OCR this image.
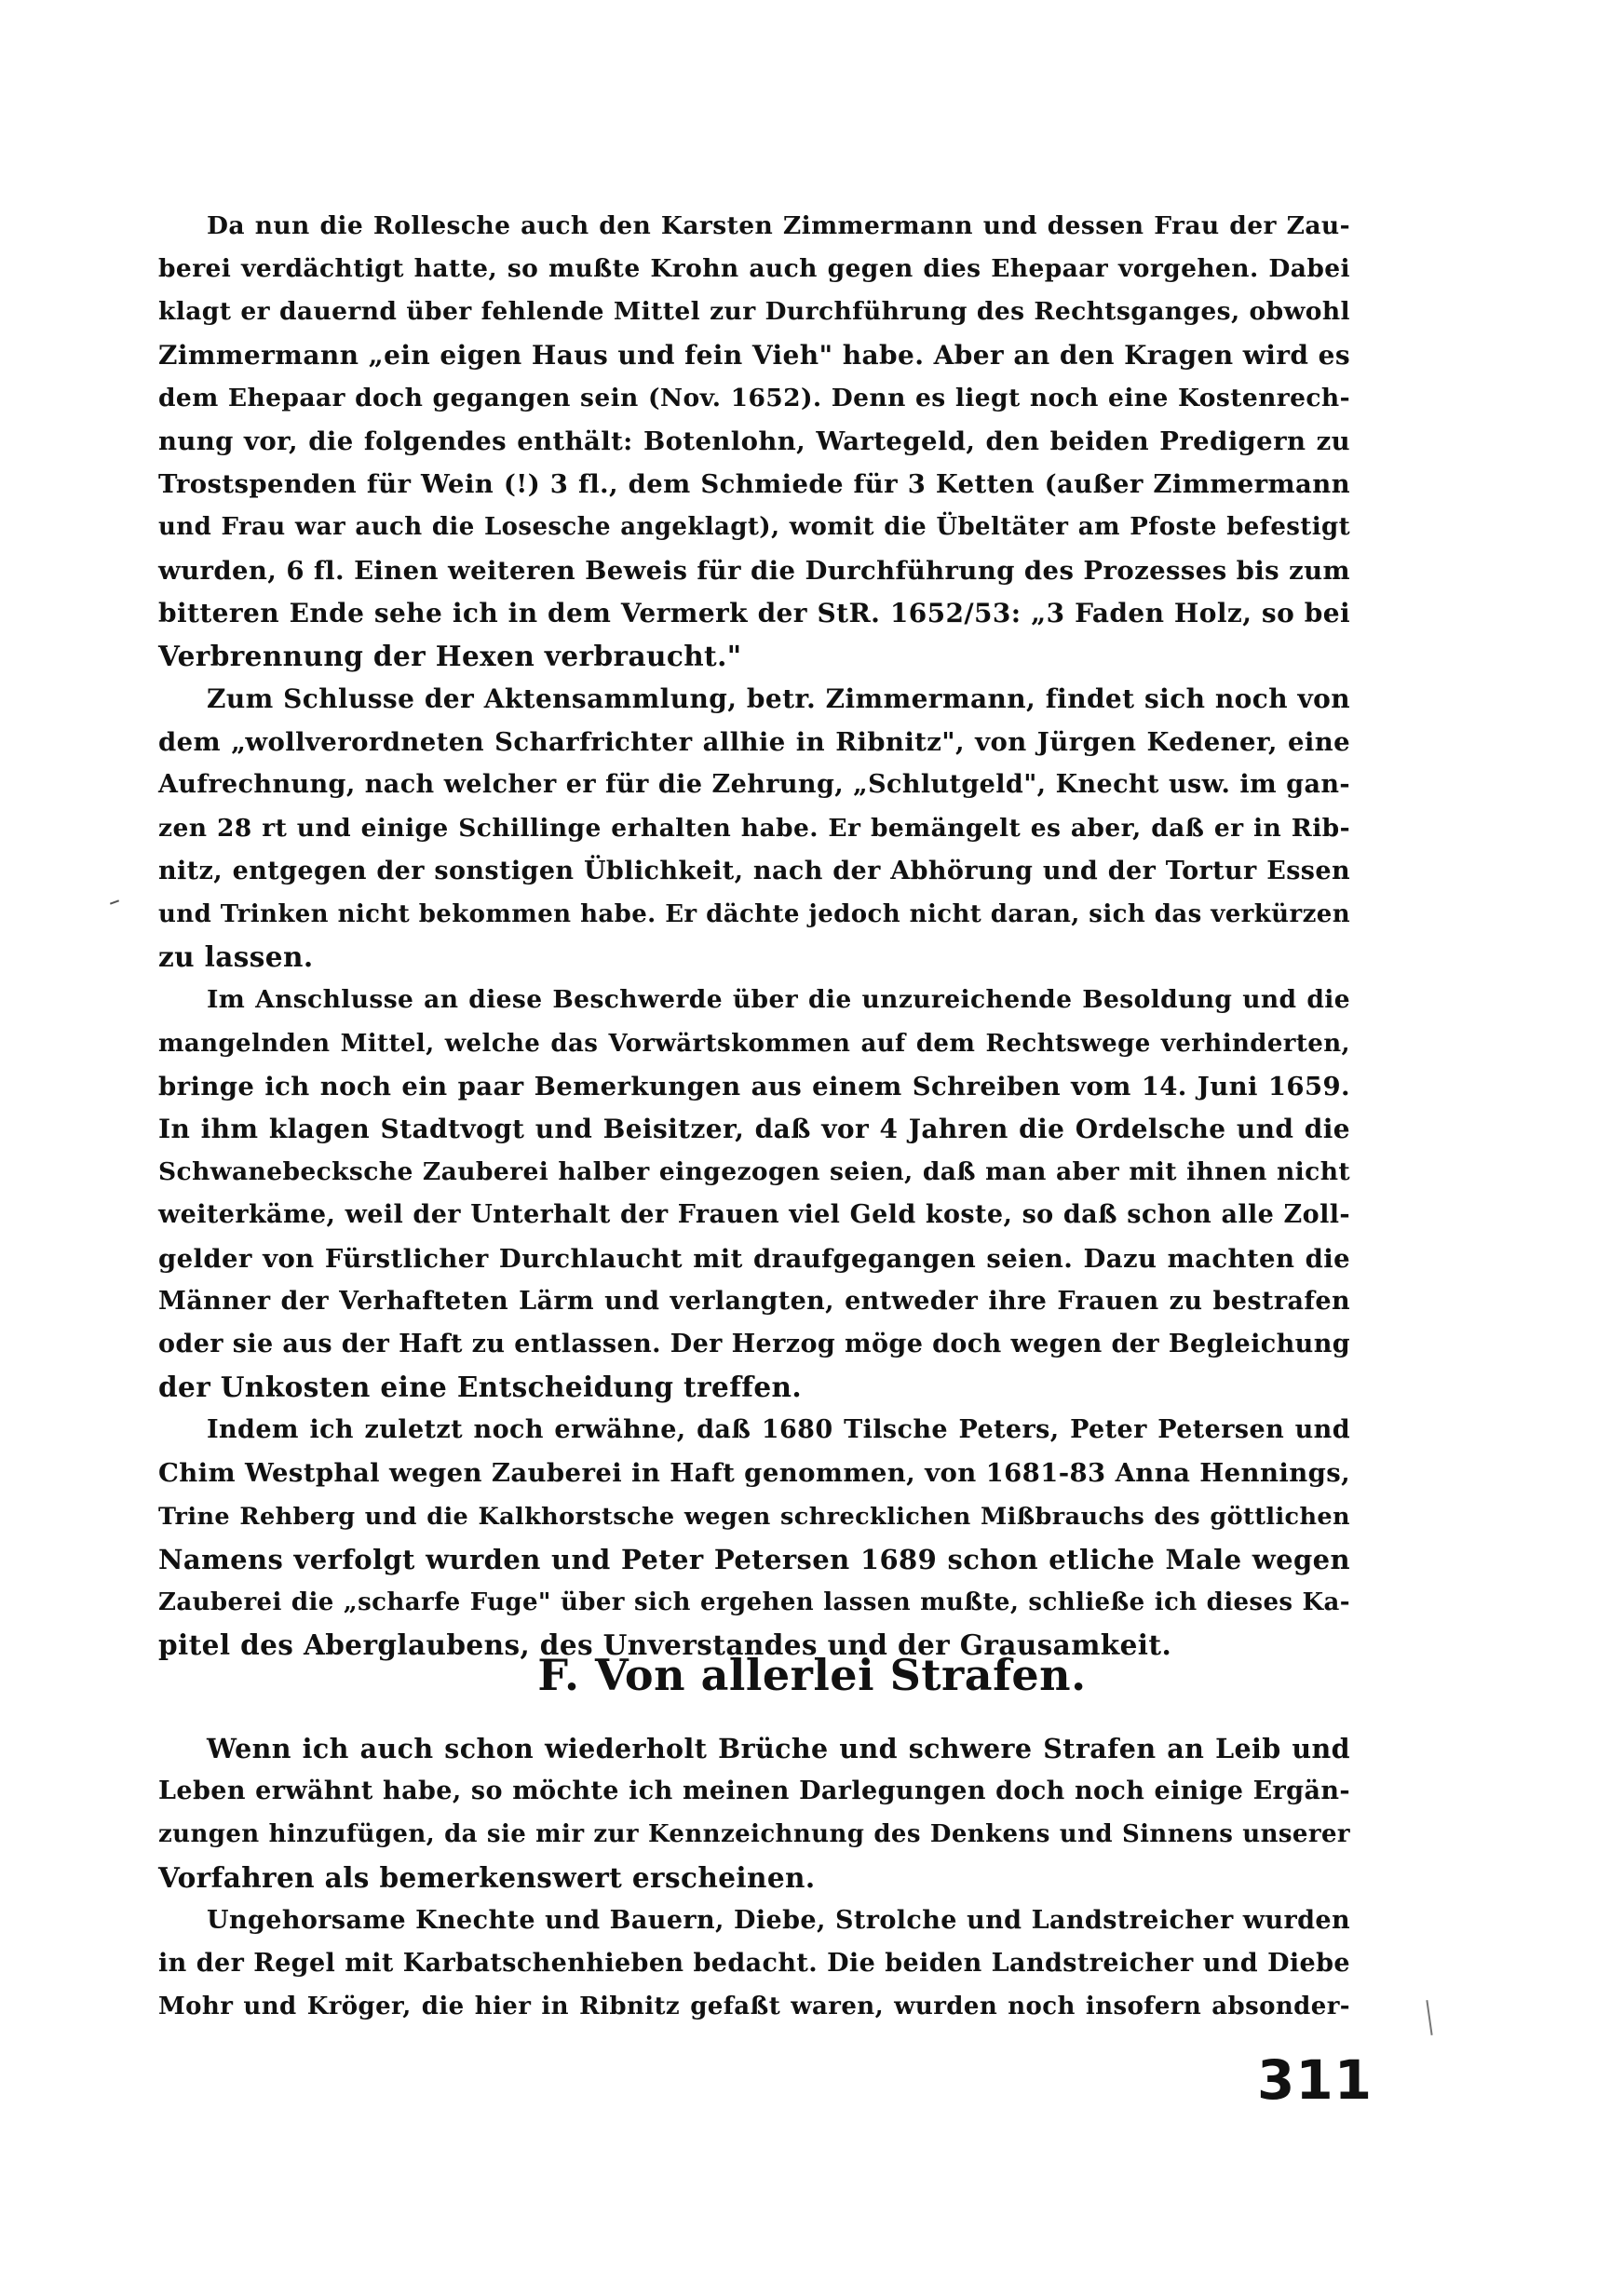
Da nun die Rollesche auch den Karsten Zimmermann und dessen Frau der Zau-
berei verdächtigt hatte, so mußte Krohn auch gegen dies Ehepaar vorgehen. Dabei
klagt er dauernd über fehlende Mittel zur Durchführung des Rechtsganges, obwohl
Zimmermann „ein eigen Haus und fein Vieh" habe. Aber an den Kragen wird es
dem Ehepaar doch gegangen sein (Nov. 1652). Denn es liegt noch eine Kostenrech-
nung vor, die folgendes enthält: Botenlohn, Wartegeld, den beiden Predigern zu
Trostspenden für Wein (!) 3 fl., dem Schmiede für 3 Ketten (außer Zimmermann
und Frau war auch die Losesche angeklagt), womit die Übeltäter am Pfoste befestigt
wurden, 6 fl. Einen weiteren Beweis für die Durchführung des Prozesses bis zum
bitteren Ende sehe ich in dem Vermerk der StR. 1652/53: „3 Faden Holz, so bei
Verbrennung der Hexen verbraucht."
Zum Schlusse der Aktensammlung, betr. Zimmermann, findet sich noch von
dem „wollverordneten Scharfrichter allhie in Ribnitz", von Jürgen Kedener, eine
Aufrechnung, nach welcher er für die Zehrung, „Schlutgeld", Knecht usw. im gan-
zen 28 rt und einige Schillinge erhalten habe. Er bemängelt es aber, daß er in Rib-
nitz, entgegen der sonstigen Üblichkeit, nach der Abhörung und der Tortur Essen
und Trinken nicht bekommen habe. Er dächte jedoch nicht daran, sich das verkürzen
zu lassen.
Im Anschlusse an diese Beschwerde über die unzureichende Besoldung und die
mangelnden Mittel, welche das Vorwärtskommen auf dem Rechtswege verhinderten,
bringe ich noch ein paar Bemerkungen aus einem Schreiben vom 14. Juni 1659.
In ihm klagen Stadtvogt und Beisitzer, daß vor 4 Jahren die Ordelsche und die
Schwanebecksche Zauberei halber eingezogen seien, daß man aber mit ihnen nicht
weiterkäme, weil der Unterhalt der Frauen viel Geld koste, so daß schon alle Zoll-
gelder von Fürstlicher Durchlaucht mit draufgegangen seien. Dazu machten die
Männer der Verhafteten Lärm und verlangten, entweder ihre Frauen zu bestrafen
oder sie aus der Haft zu entlassen. Der Herzog möge doch wegen der Begleichung
der Unkosten eine Entscheidung treffen.
Indem ich zuletzt noch erwähne, daß 1680 Tilsche Peters, Peter Petersen und
Chim Westphal wegen Zauberei in Haft genommen, von 1681-83 Anna Hennings,
Trine Rehberg und die Kalkhorstsche wegen schrecklichen Mißbrauchs des göttlichen
Namens verfolgt wurden und Peter Petersen 1689 schon etliche Male wegen
Zauberei die „scharfe Fuge" über sich ergehen lassen mußte, schließe ich dieses Ka-
pitel des Aberglaubens, des Unverstandes und der Grausamkeit.
F. Von allerlei Strafen.
Wenn ich auch schon wiederholt Brüche und schwere Strafen an Leib und
Leben erwähnt habe, so möchte ich meinen Darlegungen doch noch einige Ergän-
zungen hinzufügen, da sie mir zur Kennzeichnung des Denkens und Sinnens unserer
Vorfahren als bemerkenswert erscheinen.
Ungehorsame Knechte und Bauern, Diebe, Strolche und Landstreicher wurden
in der Regel mit Karbatschenhieben bedacht. Die beiden Landstreicher und Diebe
Mohr und Kröger, die hier in Ribnitz gefaßt waren, wurden noch insofern absonder-
311
